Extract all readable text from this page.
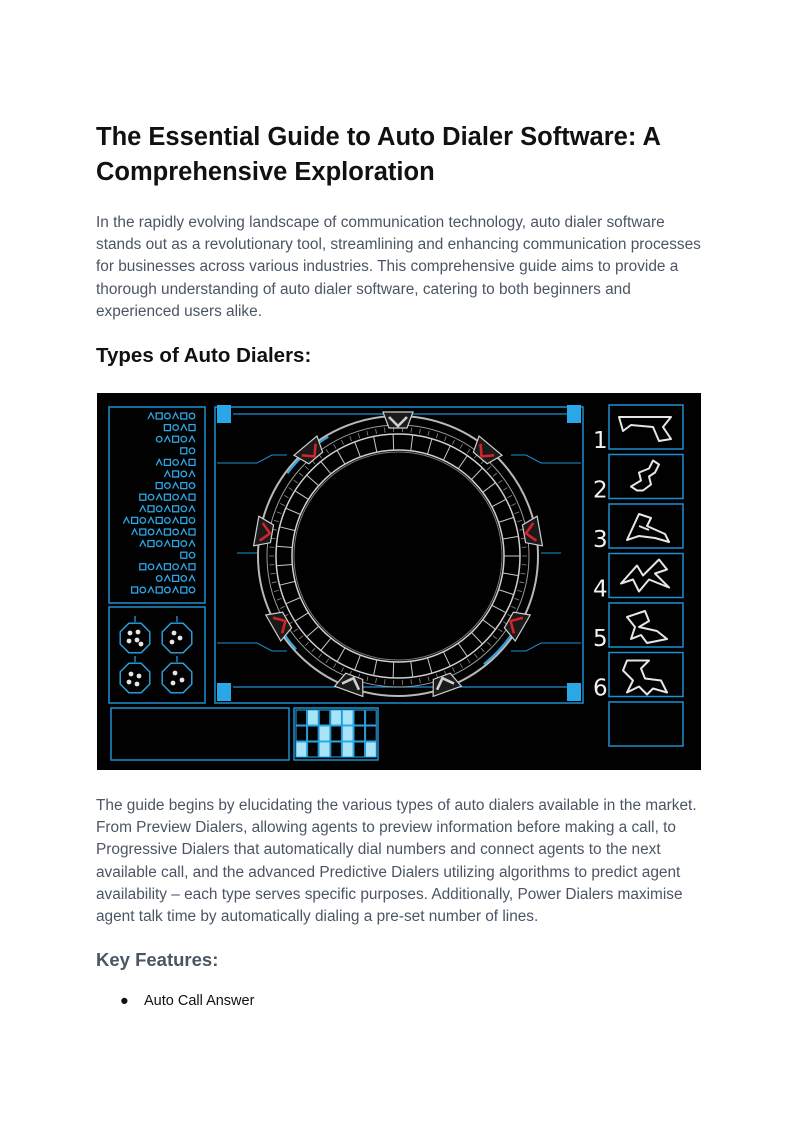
The Essential Guide to Auto Dialer Software: A Comprehensive Exploration

In the rapidly evolving landscape of communication technology, auto dialer software stands out as a revolutionary tool, streamlining and enhancing communication processes for businesses across various industries. This comprehensive guide aims to provide a thorough understanding of auto dialer software, catering to both beginners and experienced users alike.

Types of Auto Dialers:
1
2
3
4
5
6

The guide begins by elucidating the various types of auto dialers available in the market. From Preview Dialers, allowing agents to preview information before making a call, to Progressive Dialers that automatically dial numbers and connect agents to the next available call, and the advanced Predictive Dialers utilizing algorithms to predict agent availability – each type serves specific purposes. Additionally, Power Dialers maximise agent talk time by automatically dialing a pre-set number of lines.

Key Features:
● Auto Call Answer
